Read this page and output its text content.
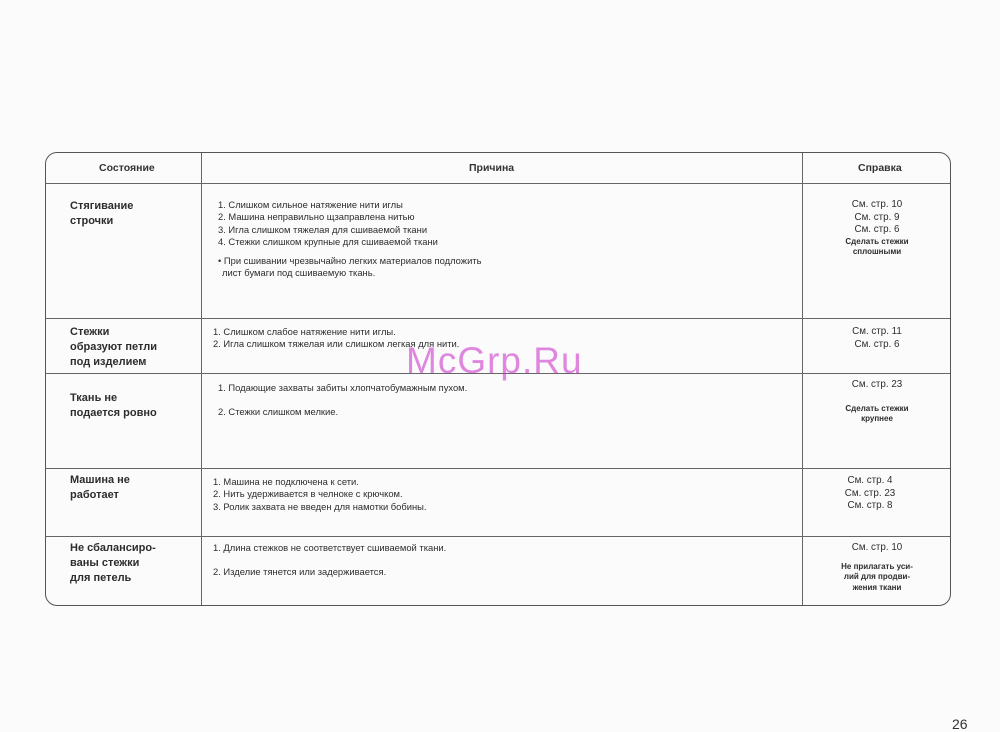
Состояние	Причина	Справка
Стягивание
строчки
1. Слишком сильное натяжение нити иглы
2. Машина неправильно щзаправлена нитью
3. Игла слишком тяжелая для сшиваемой ткани
4. Стежки слишком крупные для сшиваемой ткани
• При сшивании чрезвычайно легких материалов подложить
лист бумаги под сшиваемую ткань.
См. стр. 10
См. стр. 9
См. стр. 6
Сделать стежки
сплошными
Стежки
образуют петли
под изделием
1. Слишком слабое натяжение нити иглы.
2. Игла слишком тяжелая или слишком легкая для нити.
См. стр. 11
См. стр. 6
Ткань не
подается ровно
1. Подающие захваты забиты хлопчатобумажным пухом.
2. Стежки слишком мелкие.
См. стр. 23
Сделать стежки
крупнее
Машина не
работает
1. Машина не подключена к сети.
2. Нить удерживается в челноке с крючком.
3. Ролик захвата не введен для намотки бобины.
См. стр. 4
См. стр. 23
См. стр. 8
Не сбалансиро-
ваны стежки
для петель
1. Длина стежков не соответствует сшиваемой ткани.
2. Изделие тянется или задерживается.
См. стр. 10
Не прилагать уси-
лий для продви-
жения ткани
McGrp.Ru
26
